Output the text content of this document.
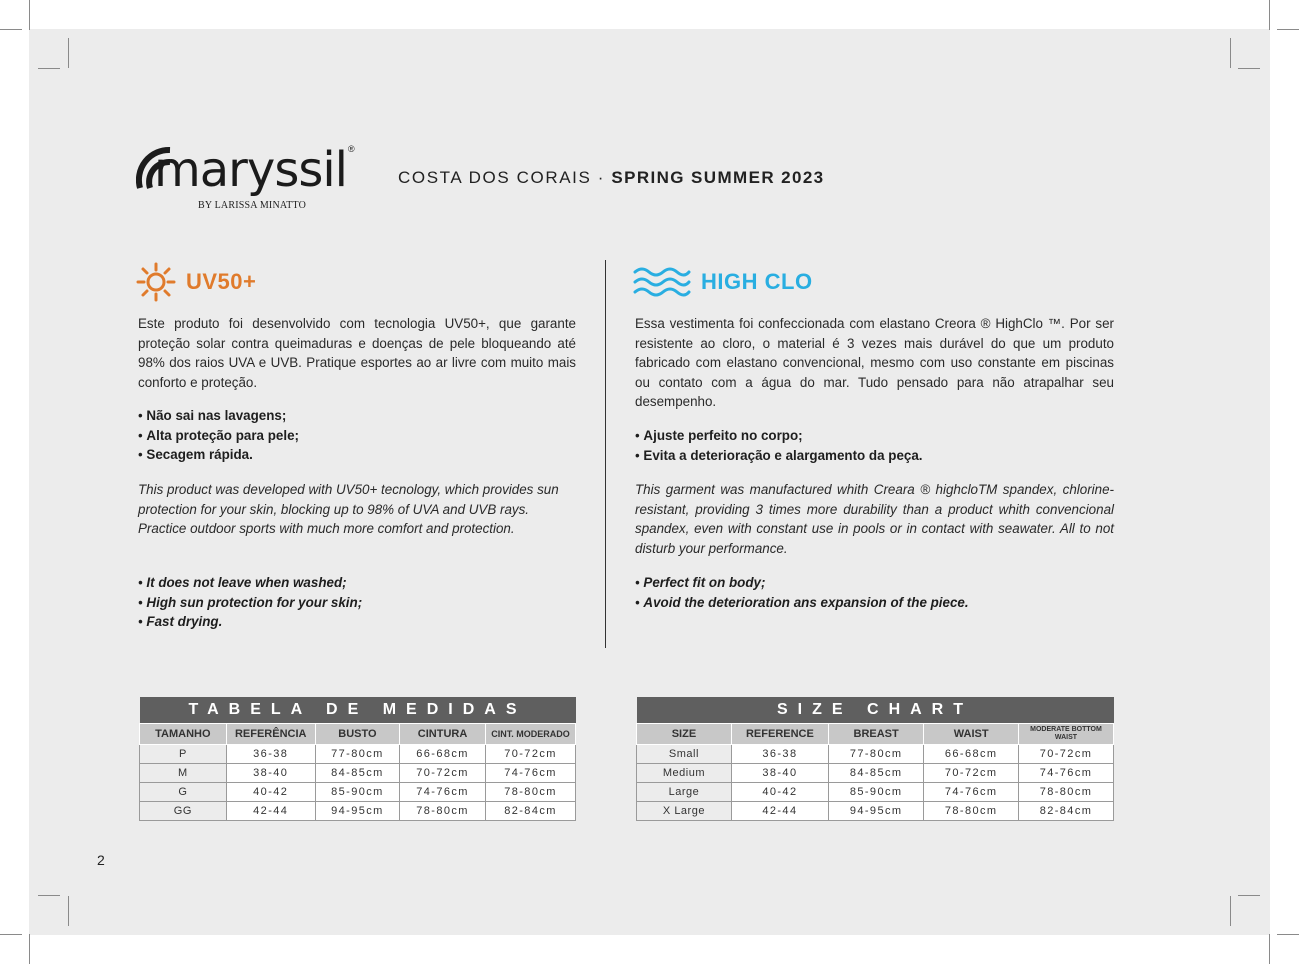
maryssil ®
BY LARISSA MINATTO
COSTA DOS CORAIS · SPRING SUMMER 2023
UV50+

Este produto foi desenvolvido com tecnologia UV50+, que garante proteção solar contra queimaduras e doenças de pele bloqueando até 98% dos raios UVA e UVB. Pratique esportes ao ar livre com muito mais conforto e proteção.

• Não sai nas lavagens;
• Alta proteção para pele;
• Secagem rápida.

This product was developed with UV50+ tecnology, which provides sun protection for your skin, blocking up to 98% of UVA and UVB rays. Practice outdoor sports with much more comfort and protection.

• It does not leave when washed;
• High sun protection for your skin;
• Fast drying.
HIGH CLO

Essa vestimenta foi confeccionada com elastano Creora ® HighClo ™. Por ser resistente ao cloro, o material é 3 vezes mais durável do que um produto fabricado com elastano convencional, mesmo com uso constante em piscinas ou contato com a água do mar. Tudo pensado para não atrapalhar seu desempenho.

• Ajuste perfeito no corpo;
• Evita a deterioração e alargamento da peça.

This garment was manufactured whith Creara ® highcloTM spandex, chlorine-resistant, providing 3 times more durability than a product whith convencional spandex, even with constant use in pools or in contact with seawater. All to not disturb your performance.

• Perfect fit on body;
• Avoid the deterioration ans expansion of the piece.
TABELA DE MEDIDAS				
TAMANHO	REFERÊNCIA	BUSTO	CINTURA	CINT. MODERADO
P	36-38	77-80cm	66-68cm	70-72cm
M	38-40	84-85cm	70-72cm	74-76cm
G	40-42	85-90cm	74-76cm	78-80cm
GG	42-44	94-95cm	78-80cm	82-84cm
SIZE CHART				
SIZE	REFERENCE	BREAST	WAIST	MODERATE BOTTOM WAIST
Small	36-38	77-80cm	66-68cm	70-72cm
Medium	38-40	84-85cm	70-72cm	74-76cm
Large	40-42	85-90cm	74-76cm	78-80cm
X Large	42-44	94-95cm	78-80cm	82-84cm
2
